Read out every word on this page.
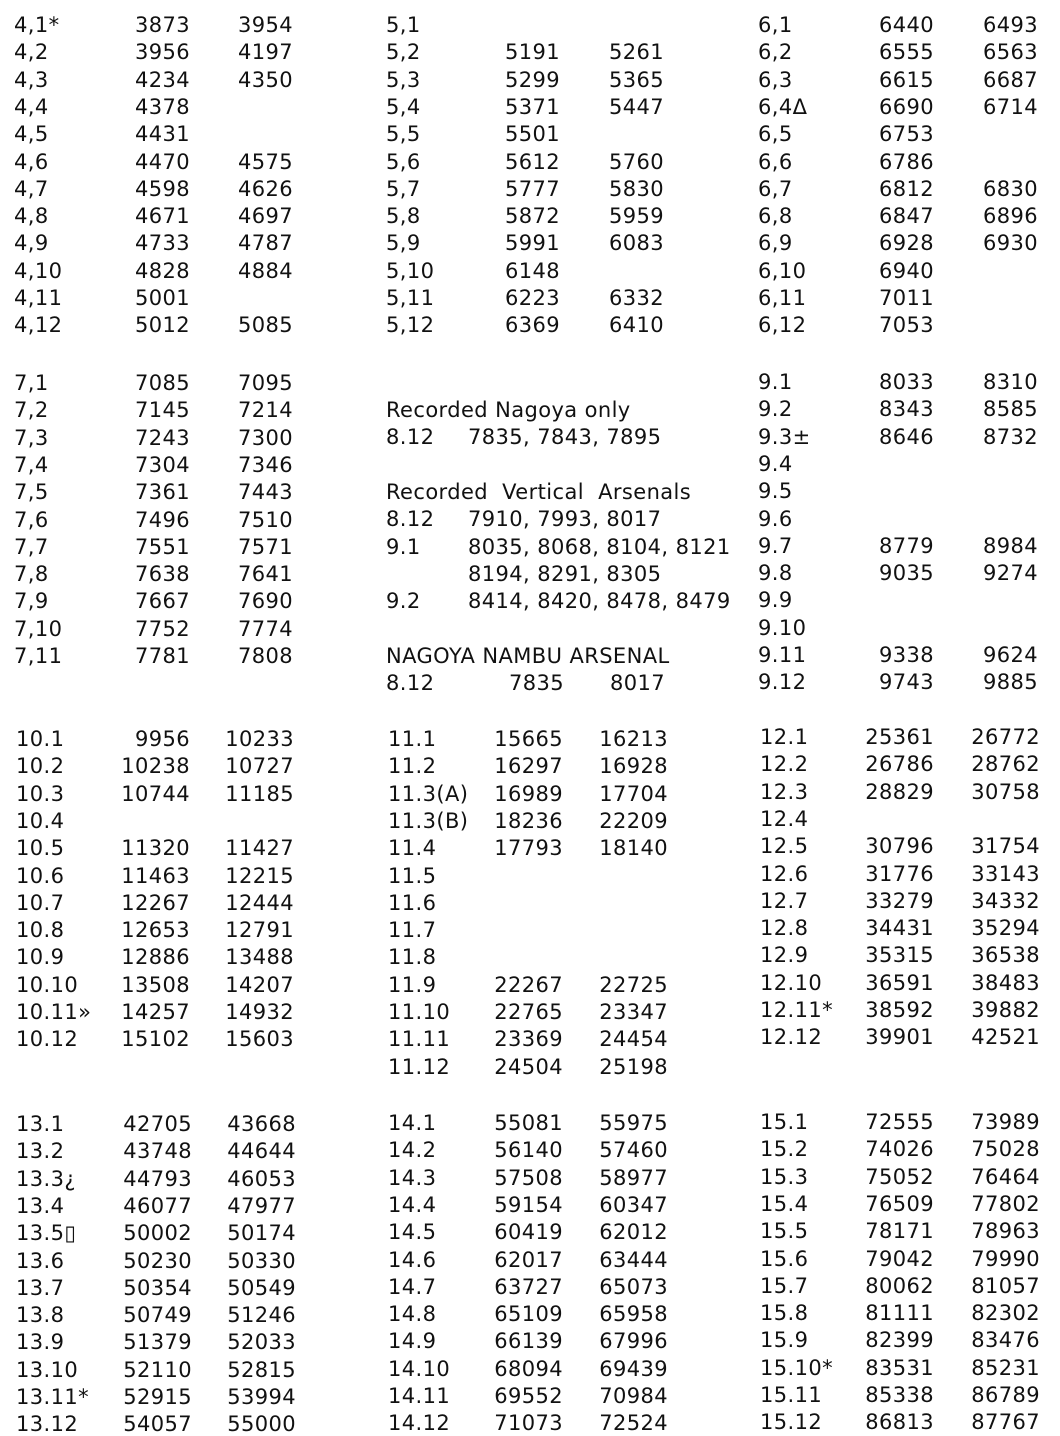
4,1*	3873	3954
4,2	3956	4197
4,3	4234	4350
4,4	4378
4,5	4431
4,6	4470	4575
4,7	4598	4626
4,8	4671	4697
4,9	4733	4787
4,10	4828	4884
4,11	5001
4,12	5012	5085
5,1
5,2	5191	5261
5,3	5299	5365
5,4	5371	5447
5,5	5501
5,6	5612	5760
5,7	5777	5830
5,8	5872	5959
5,9	5991	6083
5,10	6148
5,11	6223	6332
5,12	6369	6410
6,1	6440	6493
6,2	6555	6563
6,3	6615	6687
6,4Δ	6690	6714
6,5	6753
6,6	6786
6,7	6812	6830
6,8	6847	6896
6,9	6928	6930
6,10	6940
6,11	7011
6,12	7053
7,1	7085	7095
7,2	7145	7214
7,3	7243	7300
7,4	7304	7346
7,5	7361	7443
7,6	7496	7510
7,7	7551	7571
7,8	7638	7641
7,9	7667	7690
7,10	7752	7774
7,11	7781	7808
9.1	8033	8310
9.2	8343	8585
9.3±	8646	8732
9.4
9.5
9.6
9.7	8779	8984
9.8	9035	9274
9.9
9.10
9.11	9338	9624
9.12	9743	9885
10.1	9956	10233
10.2	10238	10727
10.3	10744	11185
10.4
10.5	11320	11427
10.6	11463	12215
10.7	12267	12444
10.8	12653	12791
10.9	12886	13488
10.10	13508	14207
10.11»	14257	14932
10.12	15102	15603
11.1	15665	16213
11.2	16297	16928
11.3(A)	16989	17704
11.3(B)	18236	22209
11.4	17793	18140
11.5
11.6
11.7
11.8
11.9	22267	22725
11.10	22765	23347
11.11	23369	24454
11.12	24504	25198
12.1	25361	26772
12.2	26786	28762
12.3	28829	30758
12.4
12.5	30796	31754
12.6	31776	33143
12.7	33279	34332
12.8	34431	35294
12.9	35315	36538
12.10	36591	38483
12.11*	38592	39882
12.12	39901	42521
13.1	42705	43668
13.2	43748	44644
13.3¿	44793	46053
13.4	46077	47977
13.5▯	50002	50174
13.6	50230	50330
13.7	50354	50549
13.8	50749	51246
13.9	51379	52033
13.10	52110	52815
13.11*	52915	53994
13.12	54057	55000
14.1	55081	55975
14.2	56140	57460
14.3	57508	58977
14.4	59154	60347
14.5	60419	62012
14.6	62017	63444
14.7	63727	65073
14.8	65109	65958
14.9	66139	67996
14.10	68094	69439
14.11	69552	70984
14.12	71073	72524
15.1	72555	73989
15.2	74026	75028
15.3	75052	76464
15.4	76509	77802
15.5	78171	78963
15.6	79042	79990
15.7	80062	81057
15.8	81111	82302
15.9	82399	83476
15.10*	83531	85231
15.11	85338	86789
15.12	86813	87767
Recorded Nagoya only
8.12 7835, 7843, 7895
Recorded  Vertical  Arsenals
8.12 7910, 7993, 8017
9.1 8035, 8068, 8104, 8121
8194, 8291, 8305
9.2 8414, 8420, 8478, 8479
NAGOYA NAMBU ARSENAL
8.12	7835	8017
